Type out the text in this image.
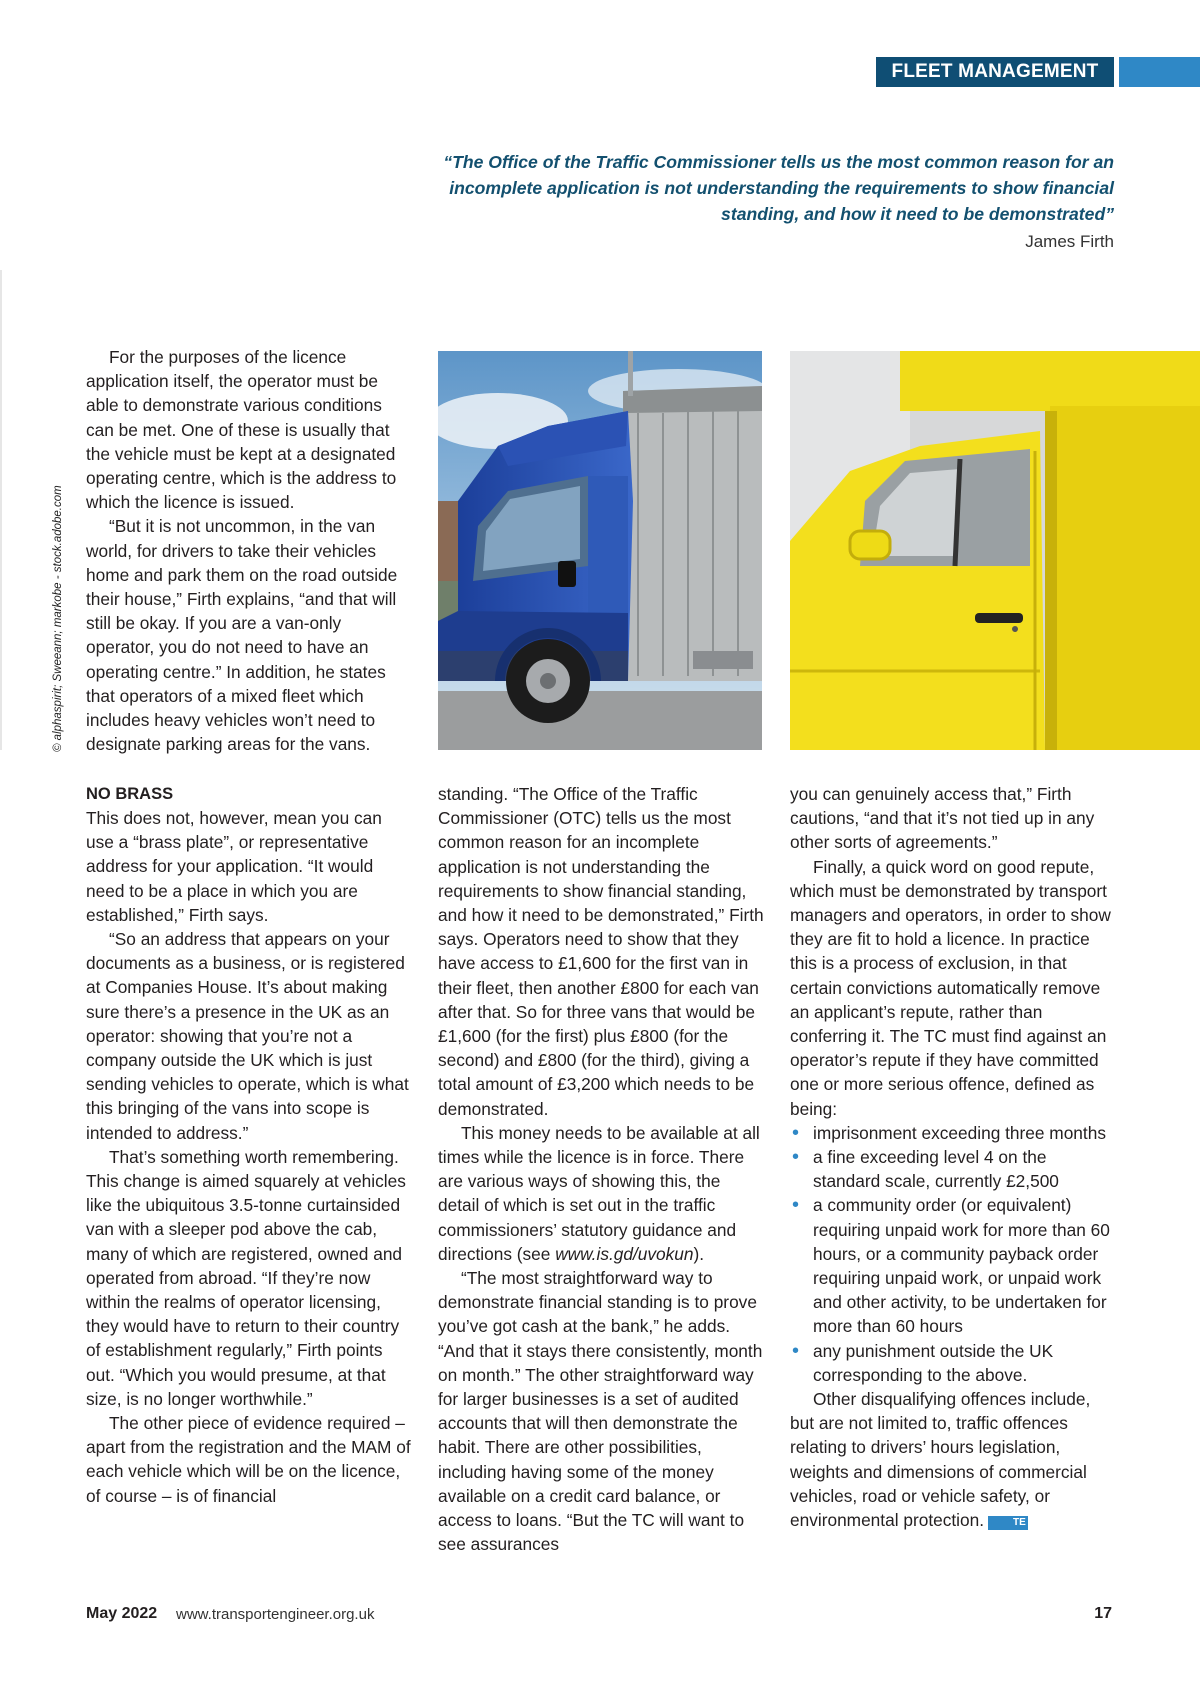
FLEET MANAGEMENT
“The Office of the Traffic Commissioner tells us the most common reason for an incomplete application is not understanding the requirements to show financial standing, and how it need to be demonstrated”
James Firth
© alphaspirit; Sweeann; markobe - stock.adobe.com

For the purposes of the licence application itself, the operator must be able to demonstrate various conditions can be met. One of these is usually that the vehicle must be kept at a designated operating centre, which is the address to which the licence is issued.

“But it is not uncommon, in the van world, for drivers to take their vehicles home and park them on the road outside their house,” Firth explains, “and that will still be okay. If you are a van-only operator, you do not need to have an operating centre.” In addition, he states that operators of a mixed fleet which includes heavy vehicles won’t need to designate parking areas for the vans.

NO BRASS

This does not, however, mean you can use a “brass plate”, or representative address for your application. “It would need to be a place in which you are established,” Firth says.

“So an address that appears on your documents as a business, or is registered at Companies House. It’s about making sure there’s a presence in the UK as an operator: showing that you’re not a company outside the UK which is just sending vehicles to operate, which is what this bringing of the vans into scope is intended to address.”

That’s something worth remembering. This change is aimed squarely at vehicles like the ubiquitous 3.5-tonne curtainsided van with a sleeper pod above the cab, many of which are registered, owned and operated from abroad. “If they’re now within the realms of operator licensing, they would have to return to their country of establishment regularly,” Firth points out. “Which you would presume, at that size, is no longer worthwhile.”

The other piece of evidence required – apart from the registration and the MAM of each vehicle which will be on the licence, of course – is of financial

standing. “The Office of the Traffic Commissioner (OTC) tells us the most common reason for an incomplete application is not understanding the requirements to show financial standing, and how it need to be demonstrated,” Firth says. Operators need to show that they have access to £1,600 for the first van in their fleet, then another £800 for each van after that. So for three vans that would be £1,600 (for the first) plus £800 (for the second) and £800 (for the third), giving a total amount of £3,200 which needs to be demonstrated.

This money needs to be available at all times while the licence is in force. There are various ways of showing this, the detail of which is set out in the traffic commissioners’ statutory guidance and directions (see www.is.gd/uvokun).

“The most straightforward way to demonstrate financial standing is to prove you’ve got cash at the bank,” he adds. “And that it stays there consistently, month on month.” The other straightforward way for larger businesses is a set of audited accounts that will then demonstrate the habit. There are other possibilities, including having some of the money available on a credit card balance, or access to loans. “But the TC will want to see assurances

you can genuinely access that,” Firth cautions, “and that it’s not tied up in any other sorts of agreements.”

Finally, a quick word on good repute, which must be demonstrated by transport managers and operators, in order to show they are fit to hold a licence. In practice this is a process of exclusion, in that certain convictions automatically remove an applicant’s repute, rather than conferring it. The TC must find against an operator’s repute if they have committed one or more serious offence, defined as being:

• imprisonment exceeding three months
• a fine exceeding level 4 on the standard scale, currently £2,500
• a community order (or equivalent) requiring unpaid work for more than 60 hours, or a community payback order requiring unpaid work, or unpaid work and other activity, to be undertaken for more than 60 hours
• any punishment outside the UK corresponding to the above.

Other disqualifying offences include, but are not limited to, traffic offences relating to drivers’ hours legislation, weights and dimensions of commercial vehicles, road or vehicle safety, or environmental protection.	TE

May 2022 www.transportengineer.org.uk	17
